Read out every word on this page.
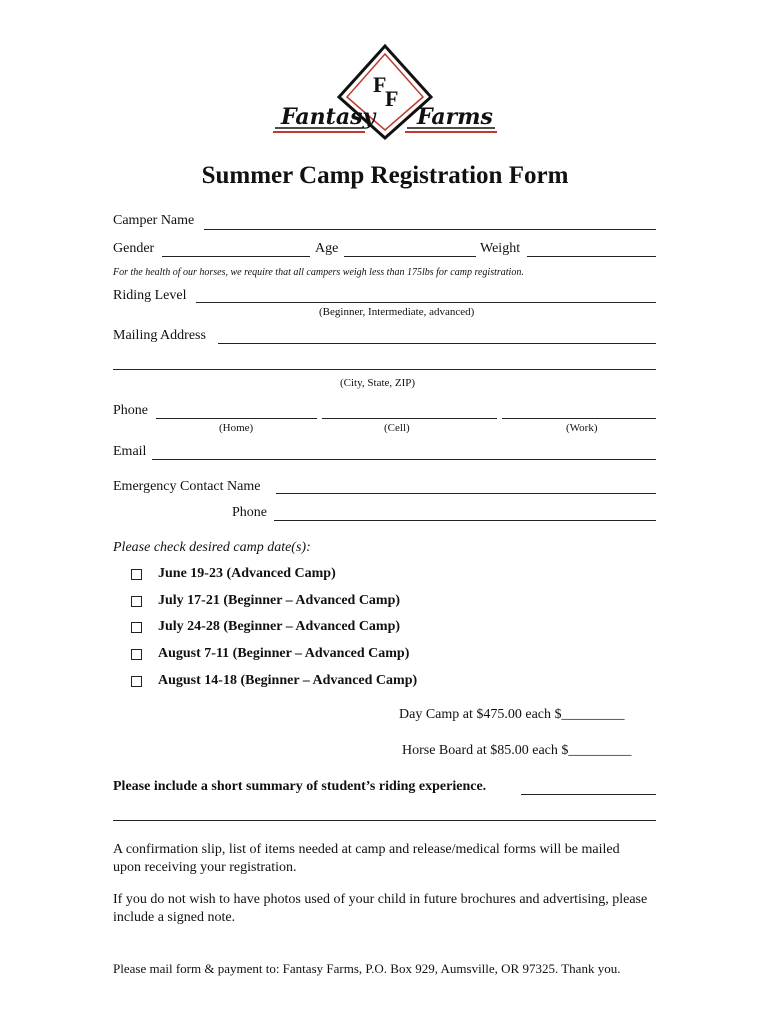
F
F
Fantasy Farms
Summer Camp Registration Form
Camper Name
Gender	Age	Weight
For the health of our horses, we require that all campers weigh less than 175lbs for camp registration.
Riding Level
(Beginner, Intermediate, advanced)
Mailing Address
(City, State, ZIP)
Phone
(Home)	(Cell)	(Work)
Email
Emergency Contact Name
Phone
Please check desired camp date(s):
June 19-23 (Advanced Camp)
July 17-21 (Beginner – Advanced Camp)
July 24-28 (Beginner – Advanced Camp)
August 7-11 (Beginner – Advanced Camp)
August 14-18 (Beginner – Advanced Camp)
Day Camp at $475.00 each $_________
Horse Board at $85.00 each $_________
Please include a short summary of student’s riding experience.
A confirmation slip, list of items needed at camp and release/medical forms will be mailed upon receiving your registration.
If you do not wish to have photos used of your child in future brochures and advertising, please include a signed note.
Please mail form & payment to: Fantasy Farms, P.O. Box 929, Aumsville, OR 97325. Thank you.
